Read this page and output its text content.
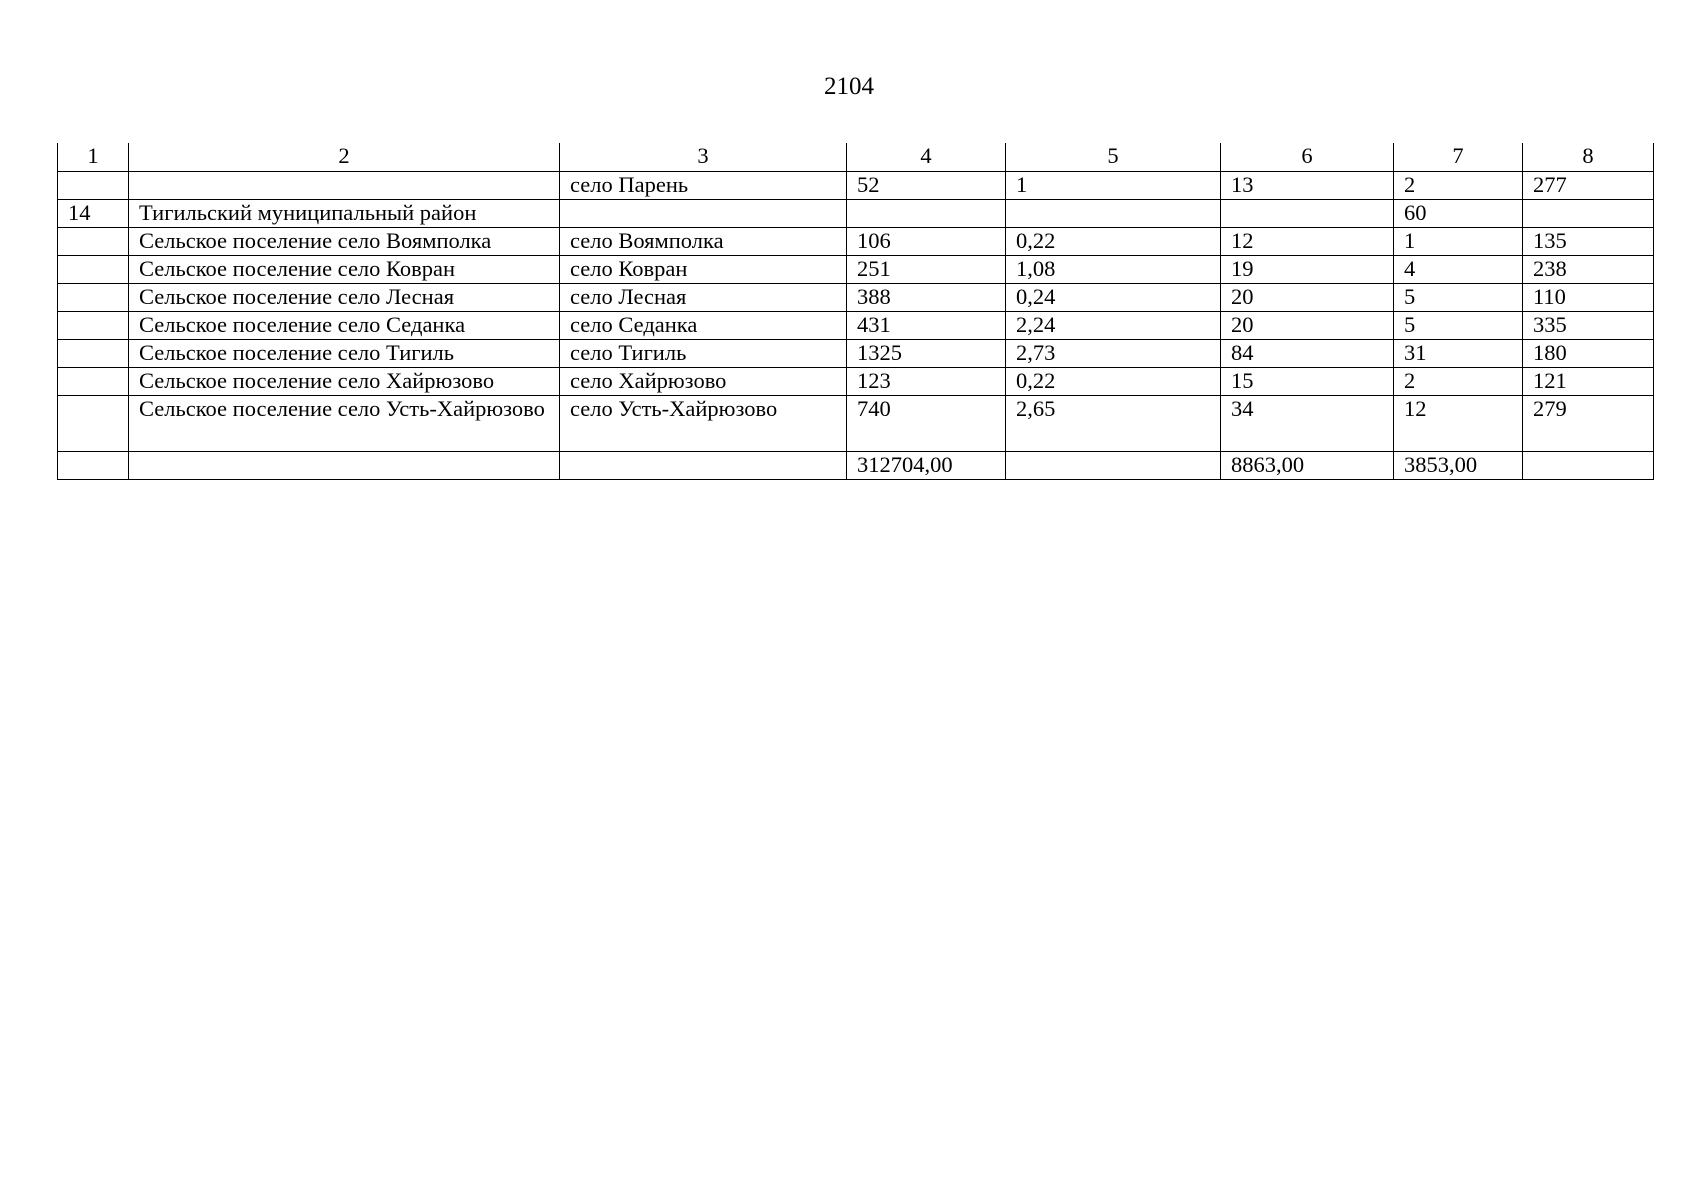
2104
1	2	3	4	5	6	7	8
		село Парень	52	1	13	2	277
14	Тигильский муниципальный район					60	
	Сельское поселение село Воямполка	село Воямполка	106	0,22	12	1	135
	Сельское поселение село Ковран	село Ковран	251	1,08	19	4	238
	Сельское поселение село Лесная	село Лесная	388	0,24	20	5	110
	Сельское поселение село Седанка	село Седанка	431	2,24	20	5	335
	Сельское поселение село Тигиль	село Тигиль	1325	2,73	84	31	180
	Сельское поселение село Хайрюзово	село Хайрюзово	123	0,22	15	2	121
	Сельское поселение село Усть-Хайрюзово	село Усть-Хайрюзово	740	2,65	34	12	279
			312704,00		8863,00	3853,00	
